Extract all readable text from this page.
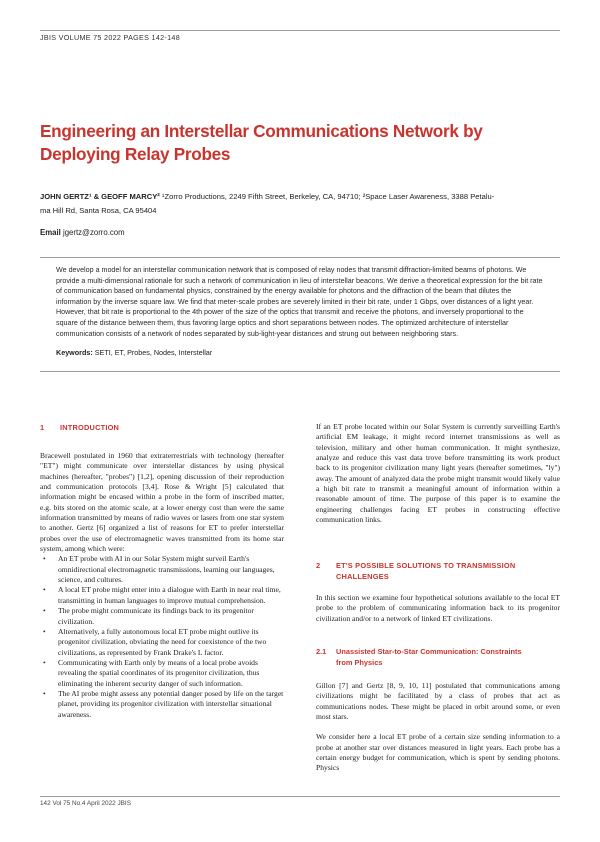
JBIS VOLUME 75 2022 PAGES 142-148
Engineering an Interstellar Communications Network by Deploying Relay Probes
JOHN GERTZ¹ & GEOFF MARCY² ¹Zorro Productions, 2249 Fifth Street, Berkeley, CA, 94710; ²Space Laser Awareness, 3388 Petalu-
ma Hill Rd, Santa Rosa, CA 95404
Email jgertz@zorro.com
We develop a model for an interstellar communication network that is composed of relay nodes that transmit diffraction-limited beams of photons. We provide a multi-dimensional rationale for such a network of communication in lieu of interstellar beacons. We derive a theoretical expression for the bit rate of communication based on fundamental physics, constrained by the energy available for photons and the diffraction of the beam that dilutes the information by the inverse square law. We find that meter-scale probes are severely limited in their bit rate, under 1 Gbps, over distances of a light year. However, that bit rate is proportional to the 4th power of the size of the optics that transmit and receive the photons, and inversely proportional to the square of the distance between them, thus favoring large optics and short separations between nodes. The optimized architecture of interstellar communication consists of a network of nodes separated by sub-light-year distances and strung out between neighboring stars.
Keywords: SETI, ET, Probes, Nodes, Interstellar
1 INTRODUCTION

Bracewell postulated in 1960 that extraterrestrials with technology (hereafter "ET") might communicate over interstellar distances by using physical machines (hereafter, "probes") [1,2], opening discussion of their reproduction and communication protocols [3,4]. Rose & Wright [5] calculated that information might be encased within a probe in the form of inscribed matter, e.g. bits stored on the atomic scale, at a lower energy cost than were the same information transmitted by means of radio waves or lasers from one star system to another. Gertz [6] organized a list of reasons for ET to prefer interstellar probes over the use of electromagnetic waves transmitted from its home star system, among which were:

• An ET probe with AI in our Solar System might surveil Earth's omnidirectional electromagnetic transmissions, learning our languages, science, and cultures.
• A local ET probe might enter into a dialogue with Earth in near real time, transmitting in human languages to improve mutual comprehension.
• The probe might communicate its findings back to its progenitor civilization.
• Alternatively, a fully autonomous local ET probe might outlive its progenitor civilization, obviating the need for coexistence of the two civilizations, as represented by Frank Drake's L factor.
• Communicating with Earth only by means of a local probe avoids revealing the spatial coordinates of its progenitor civilization, thus eliminating the inherent security danger of such information.
• The AI probe might assess any potential danger posed by life on the target planet, providing its progenitor civilization with interstellar situational awareness.

If an ET probe located within our Solar System is currently surveilling Earth's artificial EM leakage, it might record internet transmissions as well as television, military and other human communication. It might synthesize, analyze and reduce this vast data trove before transmitting its work product back to its progenitor civilization many light years (hereafter sometimes, "ly") away. The amount of analyzed data the probe might transmit would likely value a high bit rate to transmit a meaningful amount of information within a reasonable amount of time. The purpose of this paper is to examine the engineering challenges facing ET probes in constructing effective communication links.

2 ET'S POSSIBLE SOLUTIONS TO TRANSMISSION
CHALLENGES

In this section we examine four hypothetical solutions available to the local ET probe to the problem of communicating information back to its progenitor civilization and/or to a network of linked ET civilizations.

2.1 Unassisted Star-to-Star Communication: Constraints
from Physics

Gillon [7] and Gertz [8, 9, 10, 11] postulated that communications among civilizations might be facilitated by a class of probes that act as communications nodes. These might be placed in orbit around some, or even most stars.

We consider here a local ET probe of a certain size sending information to a probe at another star over distances measured in light years. Each probe has a certain energy budget for communication, which is spent by sending photons. Physics

142 Vol 75 No.4 April 2022 JBIS
